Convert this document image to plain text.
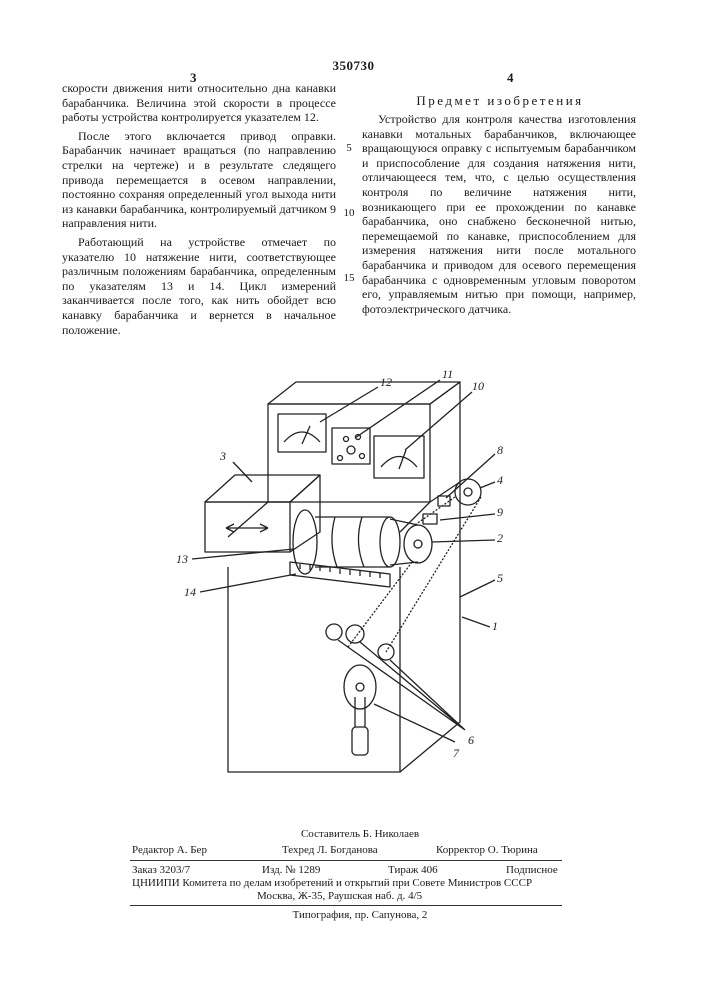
350730
3	4

скорости движения нити относительно дна канавки барабанчика. Величина этой скорости в процессе работы устройства контролируется указателем 12.

После этого включается привод оправки. Барабанчик начинает вращаться (по направлению стрелки на чертеже) и в результате следящего привода перемещается в осевом направлении, постоянно сохраняя определенный угол выхода нити из канавки барабанчика, контролируемый датчиком 9 направления нити.

Работающий на устройстве отмечает по указателю 10 натяжение нити, соответствующее различным положениям барабанчика, определенным по указателям 13 и 14. Цикл измерений заканчивается после того, как нить обойдет всю канавку барабанчика и вернется в начальное положение.

5
10
15
Предмет изобретения

Устройство для контроля качества изготовления канавки мотальных барабанчиков, включающее вращающуюся оправку с испытуемым барабанчиком и приспособление для создания натяжения нити, отличающееся тем, что, с целью осуществления контроля по величине натяжения нити, возникающего при ее прохождении по канавке барабанчика, оно снабжено бесконечной нитью, перемещаемой по канавке, приспособлением для измерения натяжения нити после мотального барабанчика и приводом для осевого перемещения барабанчика с одновременным угловым поворотом его, управляемым нитью при помощи, например, фотоэлектрического датчика.

12
11
10
3	8
4
9
2
13
5
14
1
6
7
Составитель Б. Николаев
Редактор А. Бер	Техред Л. Богданова	Корректор О. Тюрина
Заказ 3203/7	Изд. № 1289	Тираж 406	Подписное
ЦНИИПИ Комитета по делам изобретений и открытий при Совете Министров СССР
Москва, Ж-35, Раушская наб. д. 4/5
Типография, пр. Сапунова, 2
